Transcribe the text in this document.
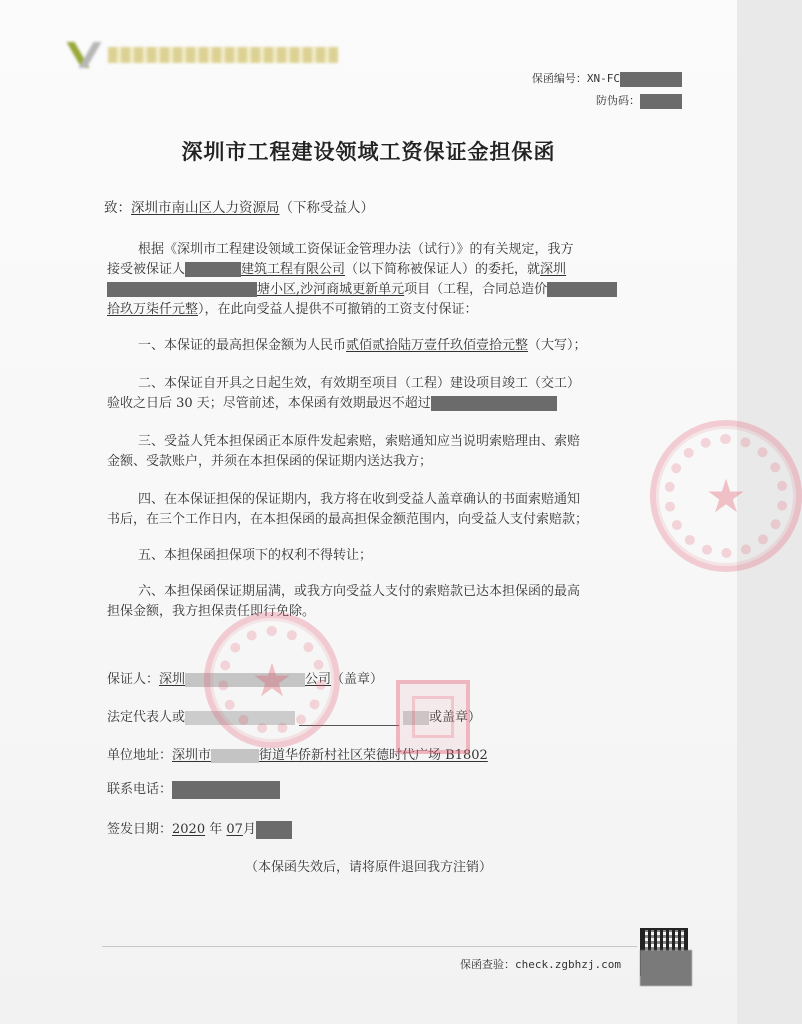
保函编号：XN-FC
防伪码：
深圳市工程建设领域工资保证金担保函
致：深圳市南山区人力资源局（下称受益人）
根据《深圳市工程建设领域工资保证金管理办法（试行）》的有关规定，我方
接受被保证人	建筑工程有限公司（以下简称被保证人）的委托，就深圳
塘小区,沙河商城更新单元项目（工程，合同总造价
拾玖万柒仟元整），在此向受益人提供不可撤销的工资支付保证：
一、本保证的最高担保金额为人民币贰佰贰拾陆万壹仟玖佰壹拾元整（大写）；
二、本保证自开具之日起生效，有效期至项目（工程）建设项目竣工（交工）
验收之日后 30 天；尽管前述，本保函有效期最迟不超过
三、受益人凭本担保函正本原件发起索赔，索赔通知应当说明索赔理由、索赔
金额、受款账户，并须在本担保函的保证期内送达我方；
四、在本保证担保的保证期内，我方将在收到受益人盖章确认的书面索赔通知
书后，在三个工作日内，在本担保函的最高担保金额范围内，向受益人支付索赔款；
五、本担保函担保项下的权利不得转让；
六、本担保函保证期届满，或我方向受益人支付的索赔款已达本担保函的最高
担保金额，我方担保责任即行免除。
保证人：深圳	公司（盖章）
法定代表人或	或盖章）
单位地址：深圳市	街道华侨新村社区荣德时代广场 B1802
联系电话：
签发日期：2020 年 07月
（本保函失效后，请将原件退回我方注销）
★
★
保函查验：check.zgbhzj.com
